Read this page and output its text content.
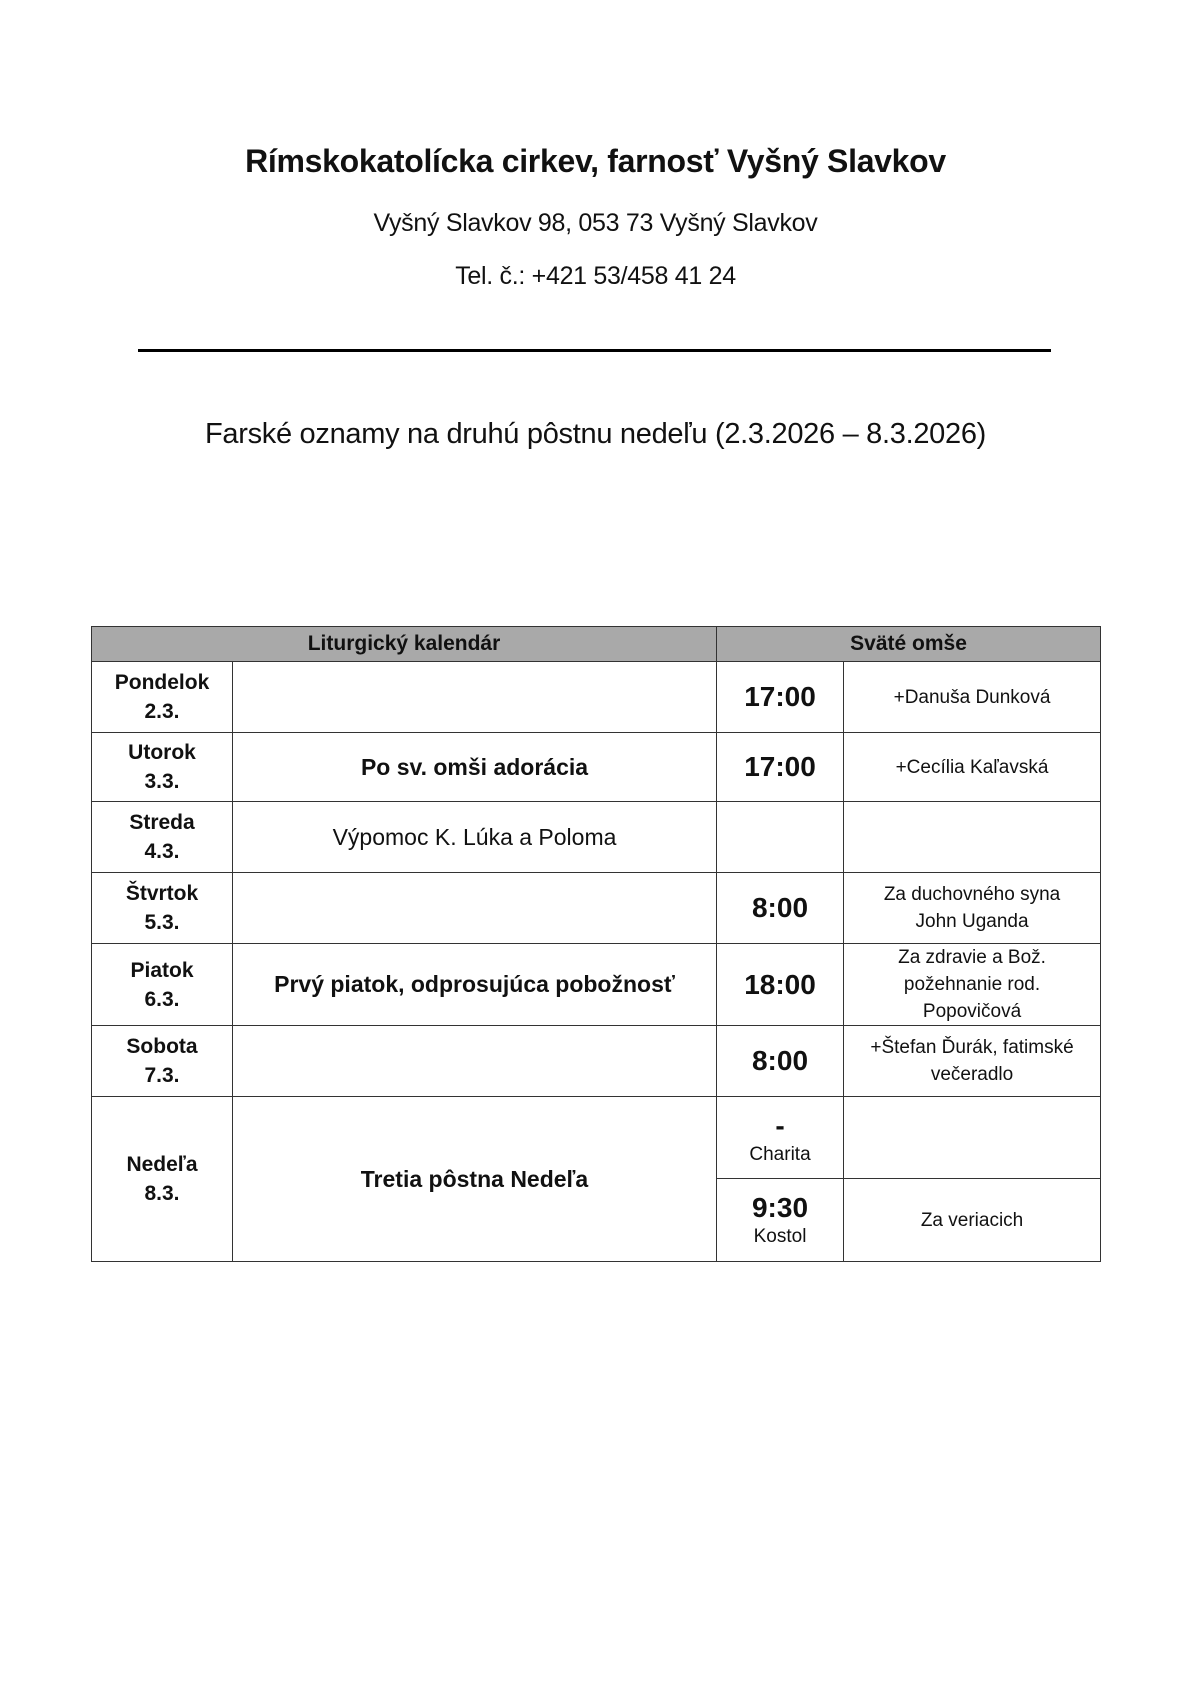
Rímskokatolícka cirkev, farnosť Vyšný Slavkov
Vyšný Slavkov 98, 053 73 Vyšný Slavkov
Tel. č.: +421 53/458 41 24
Farské oznamy na druhú pôstnu nedeľu (2.3.2026 – 8.3.2026)
Liturgický kalendár		Sväté omše	

Pondelok
2.3.		17:00	+Danuša Dunková

Utorok
3.3.	Po sv. omši adorácia	17:00	+Cecília Kaľavská

Streda
4.3.	Výpomoc K. Lúka a Poloma		

Štvrtok
5.3.		8:00	Za duchovného syna
John Uganda

Piatok
6.3.	Prvý piatok, odprosujúca pobožnosť	18:00	Za zdravie a Bož.
požehnanie rod.
Popovičová

Sobota
7.3.		8:00	+Štefan Ďurák, fatimské
večeradlo

Nedeľa
8.3.	Tretia pôstna Nedeľa	-
Charita	

		9:30
Kostol	Za veriacich
